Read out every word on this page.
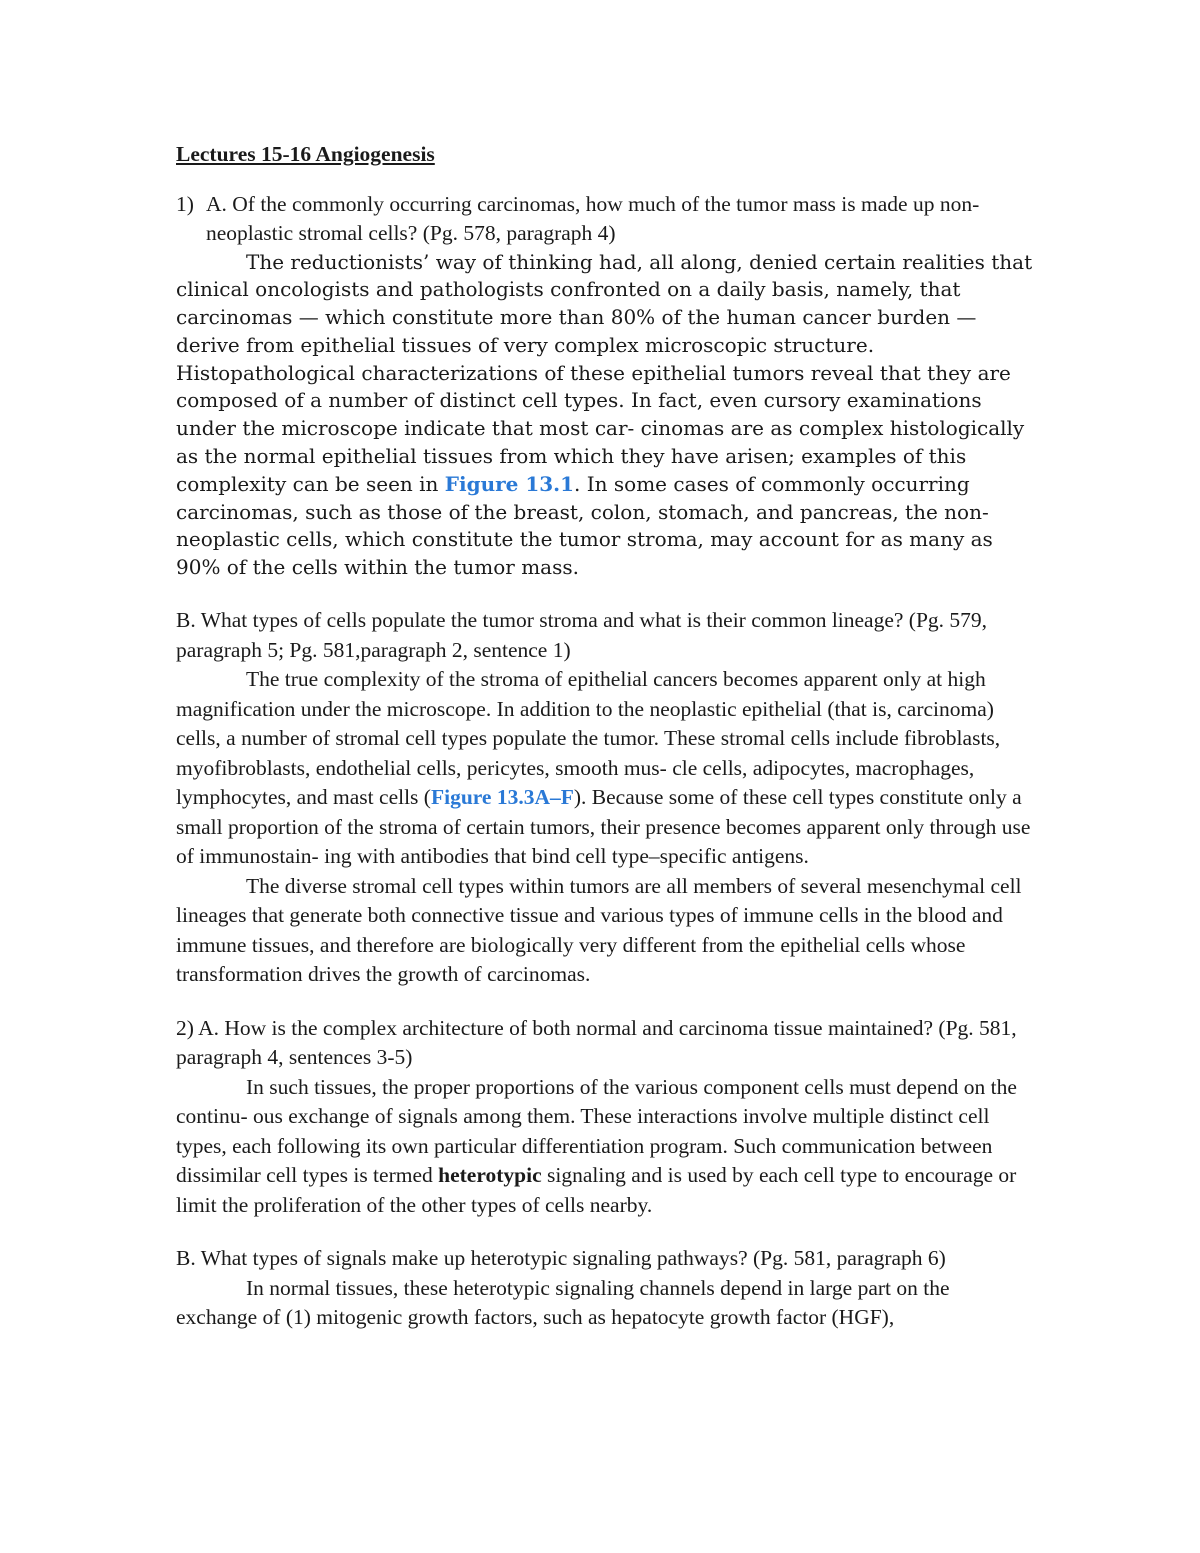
Lectures 15-16 Angiogenesis

1) A. Of the commonly occurring carcinomas, how much of the tumor mass is made up non-neoplastic stromal cells? (Pg. 578, paragraph 4)

The reductionists’ way of thinking had, all along, denied certain realities that clinical oncologists and pathologists confronted on a daily basis, namely, that carcinomas — which constitute more than 80% of the human cancer burden —derive from epithelial tissues of very complex microscopic structure. Histopathological characterizations of these epithelial tumors reveal that they are composed of a number of distinct cell types. In fact, even cursory examinations under the microscope indicate that most car- cinomas are as complex histologically as the normal epithelial tissues from which they have arisen; examples of this complexity can be seen in Figure 13.1. In some cases of commonly occurring carcinomas, such as those of the breast, colon, stomach, and pancreas, the non- neoplastic cells, which constitute the tumor stroma, may account for as many as 90% of the cells within the tumor mass.

B. What types of cells populate the tumor stroma and what is their common lineage? (Pg. 579, paragraph 5; Pg. 581,paragraph 2, sentence 1)

The true complexity of the stroma of epithelial cancers becomes apparent only at high magnification under the microscope. In addition to the neoplastic epithelial (that is, carcinoma) cells, a number of stromal cell types populate the tumor. These stromal cells include fibroblasts, myofibroblasts, endothelial cells, pericytes, smooth mus- cle cells, adipocytes, macrophages, lymphocytes, and mast cells (Figure 13.3A–F). Because some of these cell types constitute only a small proportion of the stroma of certain tumors, their presence becomes apparent only through use of immunostain- ing with antibodies that bind cell type–specific antigens.

The diverse stromal cell types within tumors are all members of several mesenchymal cell lineages that generate both connective tissue and various types of immune cells in the blood and immune tissues, and therefore are biologically very different from the epithelial cells whose transformation drives the growth of carcinomas.

2) A. How is the complex architecture of both normal and carcinoma tissue maintained? (Pg. 581, paragraph 4, sentences 3-5)

In such tissues, the proper proportions of the various component cells must depend on the continu- ous exchange of signals among them. These interactions involve multiple distinct cell types, each following its own particular differentiation program. Such communication between dissimilar cell types is termed heterotypic signaling and is used by each cell type to encourage or limit the proliferation of the other types of cells nearby.

B. What types of signals make up heterotypic signaling pathways? (Pg. 581, paragraph 6)

In normal tissues, these heterotypic signaling channels depend in large part on the exchange of (1) mitogenic growth factors, such as hepatocyte growth factor (HGF),
